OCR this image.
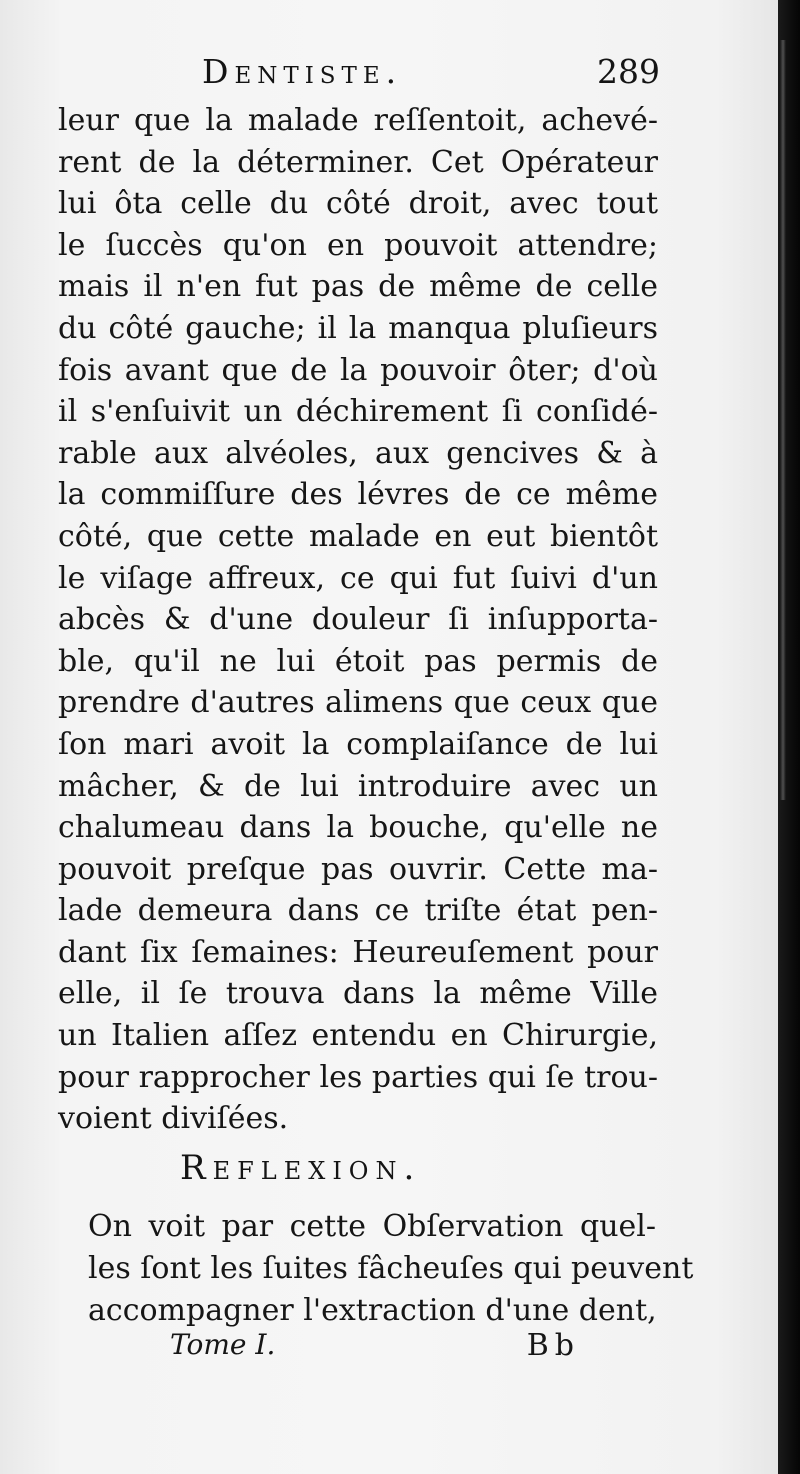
Dentiste.	289
leur que la malade reſſentoit, achevé-
rent de la déterminer. Cet Opérateur
lui ôta celle du côté droit, avec tout
le ſuccès qu'on en pouvoit attendre;
mais il n'en fut pas de même de celle
du côté gauche; il la manqua pluſieurs
fois avant que de la pouvoir ôter; d'où
il s'enſuivit un déchirement ſi conſidé-
rable aux alvéoles, aux gencives & à
la commiſſure des lévres de ce même
côté, que cette malade en eut bientôt
le viſage affreux, ce qui fut ſuivi d'un
abcès & d'une douleur ſi inſupporta-
ble, qu'il ne lui étoit pas permis de
prendre d'autres alimens que ceux que
ſon mari avoit la complaiſance de lui
mâcher, & de lui introduire avec un
chalumeau dans la bouche, qu'elle ne
pouvoit preſque pas ouvrir. Cette ma-
lade demeura dans ce triſte état pen-
dant ſix ſemaines: Heureuſement pour
elle, il ſe trouva dans la même Ville
un Italien aſſez entendu en Chirurgie,
pour rapprocher les parties qui ſe trou-
voient diviſées.
Reflexion.
On voit par cette Obſervation quel-
les ſont les ſuites fâcheuſes qui peuvent
accompagner l'extraction d'une dent,
Tome I.	Bb
